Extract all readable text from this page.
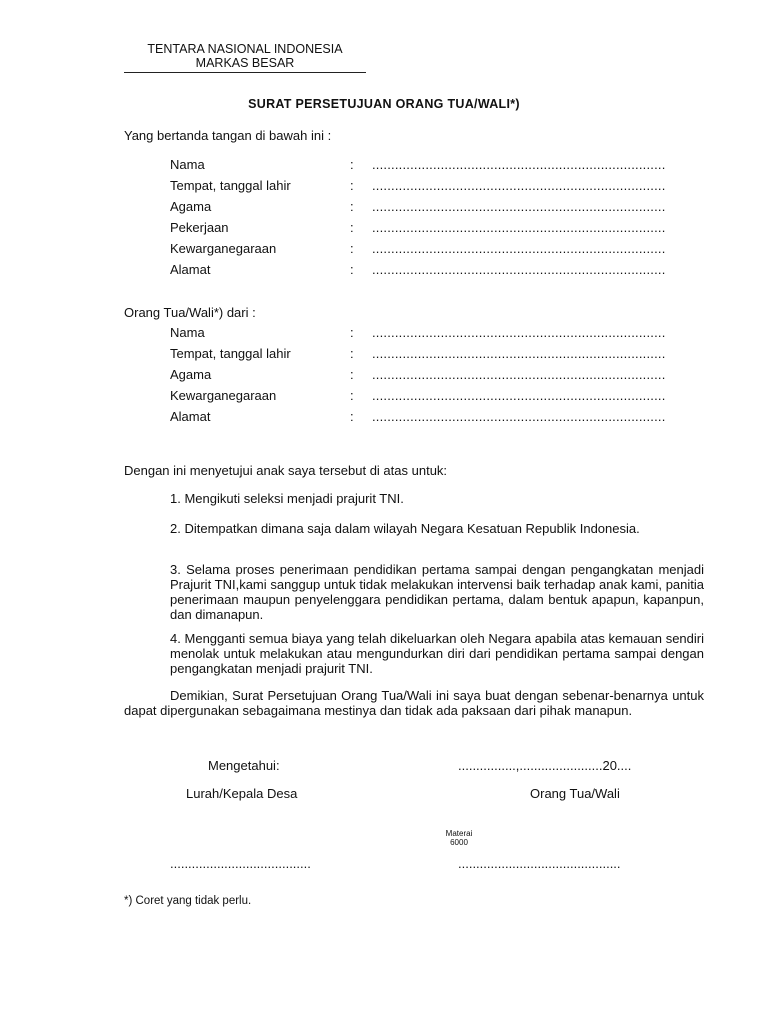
TENTARA NASIONAL INDONESIA
MARKAS BESAR
SURAT PERSETUJUAN ORANG TUA/WALI*)
Yang bertanda tangan di bawah ini :
Nama	: .............................................................................
Tempat, tanggal lahir	: .............................................................................
Agama	: .............................................................................
Pekerjaan	: .............................................................................
Kewarganegaraan	: .............................................................................
Alamat	: .............................................................................
Orang Tua/Wali*) dari :
Nama	: .............................................................................
Tempat, tanggal lahir	: .............................................................................
Agama	: .............................................................................
Kewarganegaraan	: .............................................................................
Alamat	: .............................................................................
Dengan ini menyetujui anak saya tersebut di atas untuk:
1. Mengikuti seleksi menjadi prajurit TNI.
2. Ditempatkan dimana saja dalam wilayah Negara Kesatuan Republik Indonesia.
3. Selama proses penerimaan pendidikan pertama sampai dengan pengangkatan menjadi Prajurit TNI,kami sanggup untuk tidak melakukan intervensi baik terhadap anak kami, panitia penerimaan maupun penyelenggara pendidikan pertama, dalam bentuk apapun, kapanpun, dan dimanapun.
4. Mengganti semua biaya yang telah dikeluarkan oleh Negara apabila atas kemauan sendiri menolak untuk melakukan atau mengundurkan diri dari pendidikan pertama sampai dengan pengangkatan menjadi prajurit TNI.
Demikian, Surat Persetujuan Orang Tua/Wali ini saya buat dengan sebenar-benarnya untuk dapat dipergunakan sebagaimana mestinya dan tidak ada paksaan dari pihak manapun.
Mengetahui:	................,.......................20....
Lurah/Kepala Desa	Orang Tua/Wali
Materai
6000
.......................................	.............................................
*) Coret yang tidak perlu.
